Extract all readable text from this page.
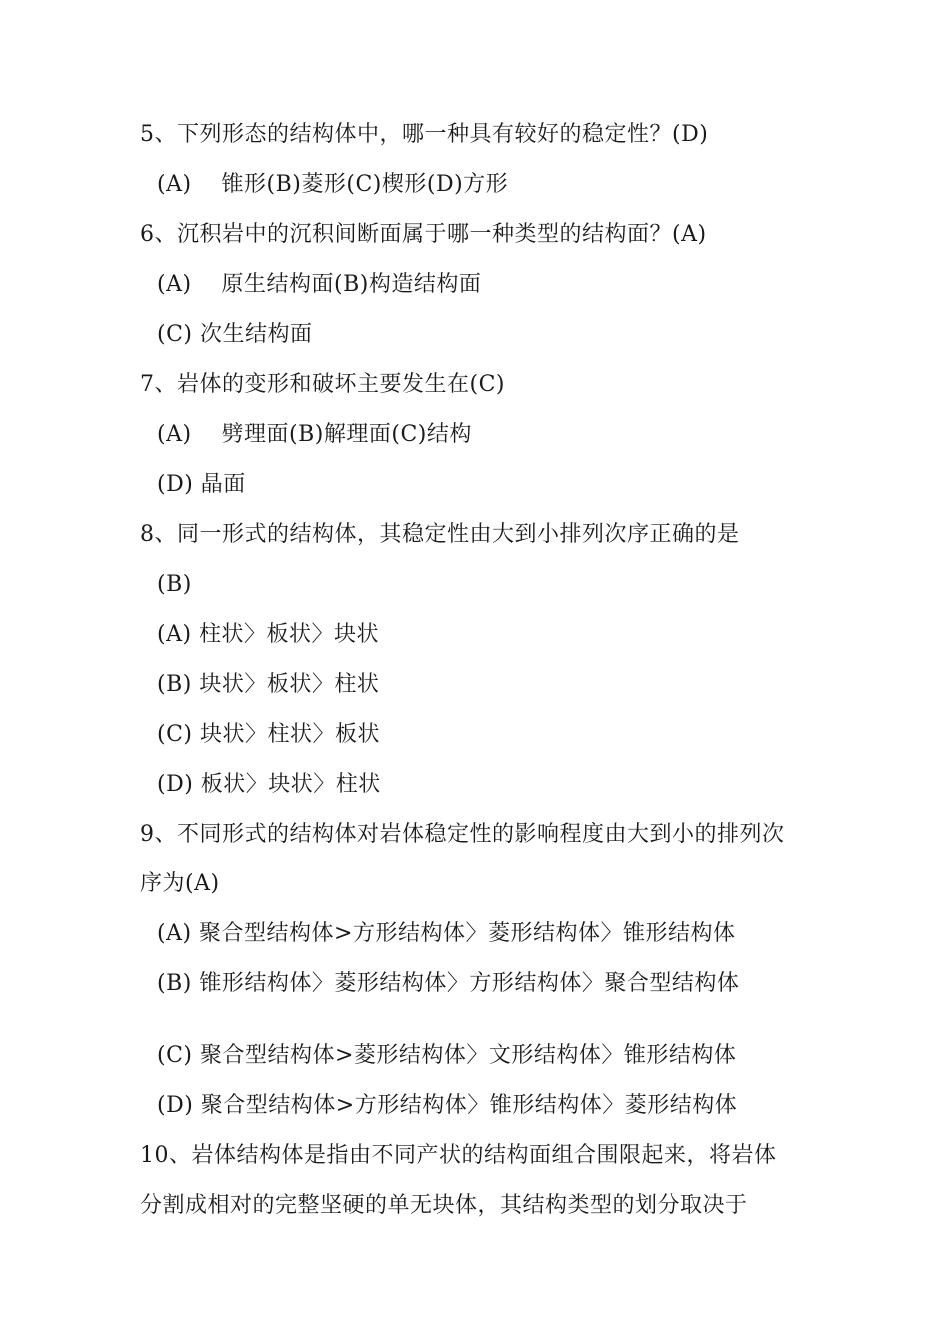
5、下列形态的结构体中，哪一种具有较好的稳定性？(D)
(A)　 锥形(B)菱形(C)楔形(D)方形
6、沉积岩中的沉积间断面属于哪一种类型的结构面？(A)
(A)　 原生结构面(B)构造结构面
(C) 次生结构面
7、岩体的变形和破坏主要发生在(C)
(A)　 劈理面(B)解理面(C)结构
(D) 晶面
8、同一形式的结构体，其稳定性由大到小排列次序正确的是
(B)
(A) 柱状〉板状〉块状
(B) 块状〉板状〉柱状
(C) 块状〉柱状〉板状
(D) 板状〉块状〉柱状
9、不同形式的结构体对岩体稳定性的影响程度由大到小的排列次
序为(A)
(A) 聚合型结构体>方形结构体〉菱形结构体〉锥形结构体
(B) 锥形结构体〉菱形结构体〉方形结构体〉聚合型结构体
(C) 聚合型结构体>菱形结构体〉文形结构体〉锥形结构体
(D) 聚合型结构体>方形结构体〉锥形结构体〉菱形结构体
10、岩体结构体是指由不同产状的结构面组合围限起来，将岩体
分割成相对的完整坚硬的单无块体，其结构类型的划分取决于
